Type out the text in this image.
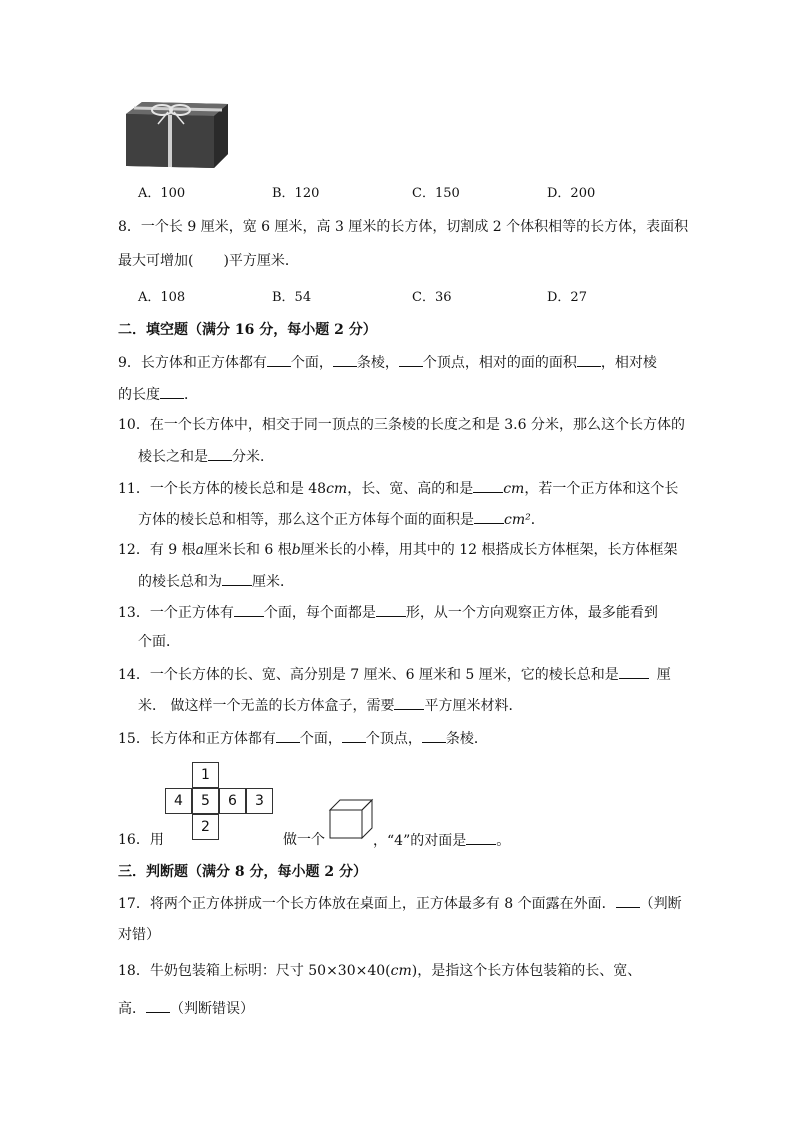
A．100	B．120	C．150	D．200
8．一个长 9 厘米，宽 6 厘米，高 3 厘米的长方体，切割成 2 个体积相等的长方体，表面积
最大可增加( )平方厘米．
A．108	B．54	C．36	D．27
二．填空题（满分 16 分，每小题 2 分）
9．长方体和正方体都有 个面， 条棱， 个顶点，相对的面的面积 ，相对棱
的长度 ．
10．在一个长方体中，相交于同一顶点的三条棱的长度之和是 3.6 分米，那么这个长方体的
棱长之和是 分米．
11．一个长方体的棱长总和是 48cm，长、宽、高的和是 cm，若一个正方体和这个长
方体的棱长总和相等，那么这个正方体每个面的面积是 cm²．
12．有 9 根a厘米长和 6 根b厘米长的小棒，用其中的 12 根搭成长方体框架，长方体框架
的棱长总和为 厘米．
13．一个正方体有 个面，每个面都是 形，从一个方向观察正方体，最多能看到
个面．
14．一个长方体的长、宽、高分别是 7 厘米、6 厘米和 5 厘米，它的棱长总和是	厘
米． 做这样一个无盖的长方体盒子，需要 平方厘米材料．
15．长方体和正方体都有 个面， 个顶点， 条棱．
1
4	5	6	3
2
16．用	做一个	，“4”的对面是 。
三．判断题（满分 8 分，每小题 2 分）
17．将两个正方体拼成一个长方体放在桌面上，正方体最多有 8 个面露在外面． （判断
对错）
18．牛奶包装箱上标明：尺寸 50×30×40(cm)，是指这个长方体包装箱的长、宽、
高． （判断错误）
